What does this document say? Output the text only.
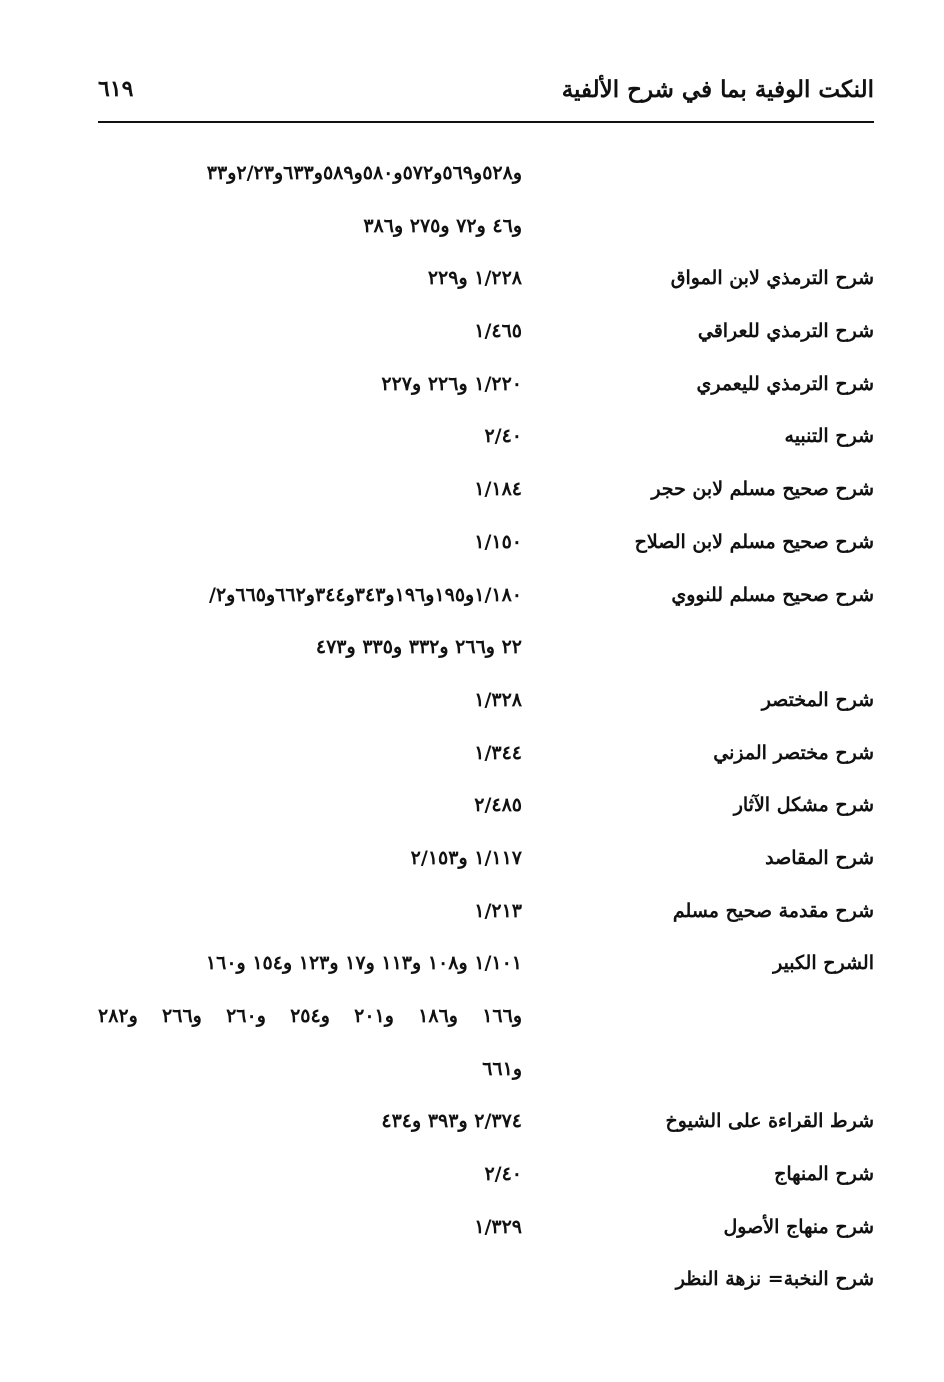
النكت الوفية بما في شرح الألفية
٦١٩
و٥٢٨و٥٦٩و٥٧٢و٥٨٠و٥٨٩و٦٣٣و٢/٢٣و٣٣
و٤٦ و٧٢ و٢٧٥ و٣٨٦
شرح الترمذي لابن المواق
١/٢٢٨ و٢٢٩
شرح الترمذي للعراقي
١/٤٦٥
شرح الترمذي لليعمري
١/٢٢٠ و٢٢٦ و٢٢٧
شرح التنبيه
٢/٤٠
شرح صحيح مسلم لابن حجر
١/١٨٤
شرح صحيح مسلم لابن الصلاح
١/١٥٠
شرح صحيح مسلم للنووي
١/١٨٠و١٩٥و١٩٦و٣٤٣و٣٤٤و٦٦٢و٦٦٥و٢/
٢٢ و٢٦٦ و٣٣٢ و٣٣٥ و٤٧٣
شرح المختصر
١/٣٢٨
شرح مختصر المزني
١/٣٤٤
شرح مشكل الآثار
٢/٤٨٥
شرح المقاصد
١/١١٧ و٢/١٥٣
شرح مقدمة صحيح مسلم
١/٢١٣
الشرح الكبير
١/١٠١ و١٠٨ و١١٣ و١٧ و١٢٣ و١٥٤ و١٦٠
و١٦٦ و١٨٦ و٢٠١ و٢٥٤ و٢٦٠ و٢٦٦ و٢٨٢
و٦٦١
شرط القراءة على الشيوخ
٢/٣٧٤ و٣٩٣ و٤٣٤
شرح المنهاج
٢/٤٠
شرح منهاج الأصول
١/٣٢٩
شرح النخبة= نزهة النظر
